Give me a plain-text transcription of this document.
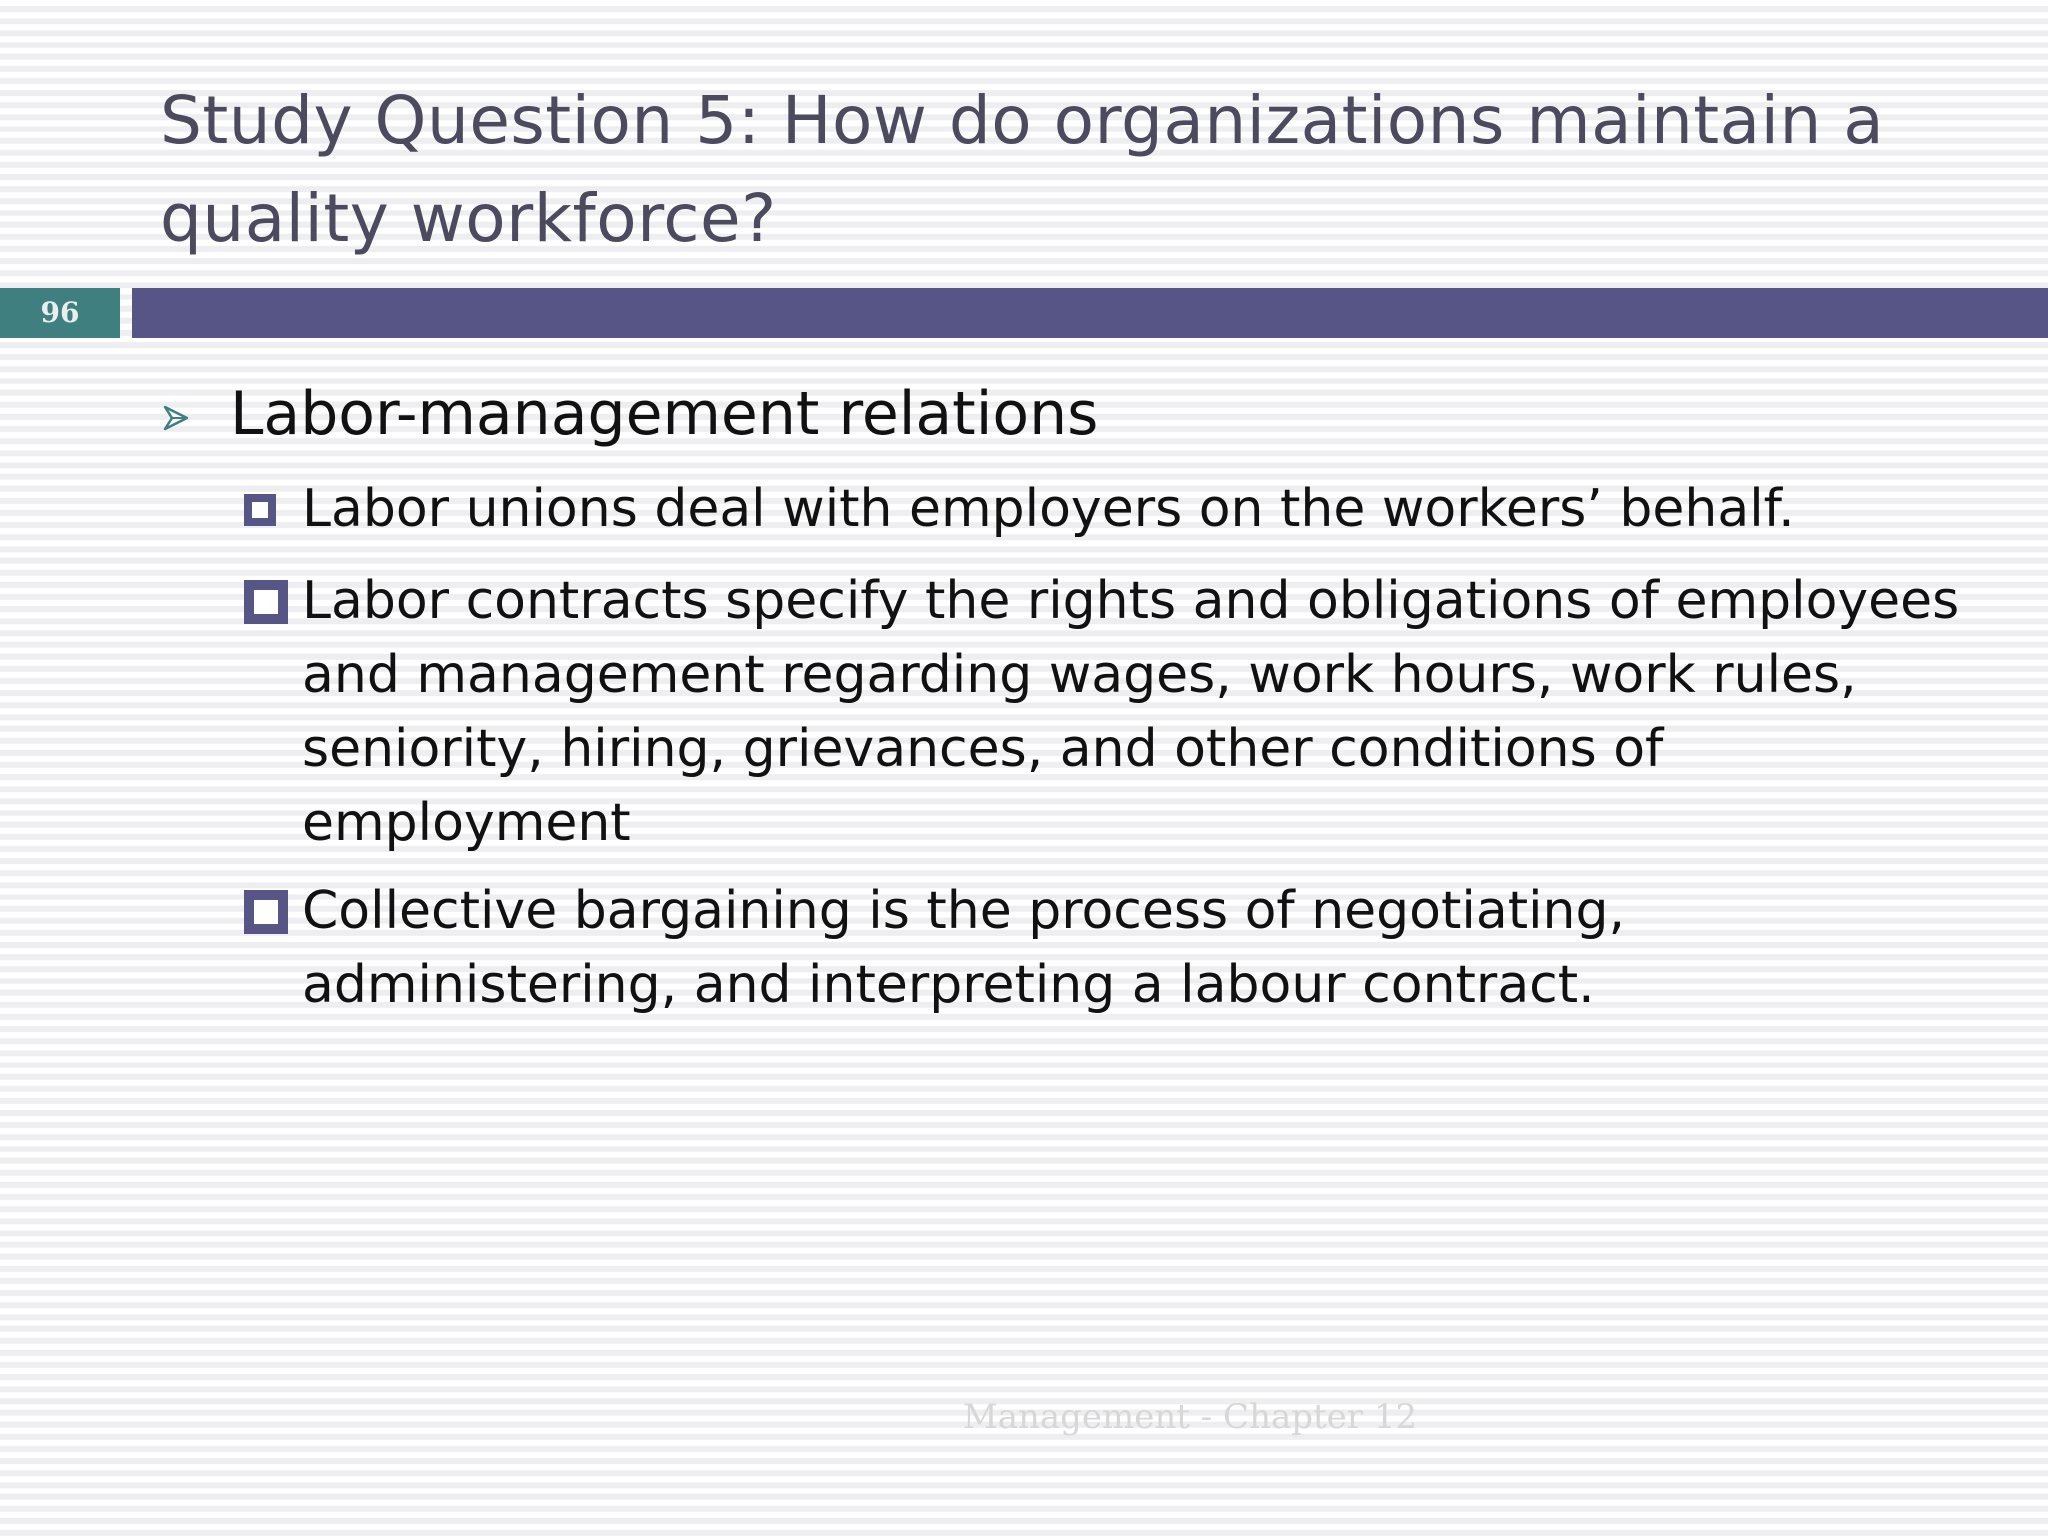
Study Question 5: How do organizations maintain a quality workforce?
96
Labor-management relations
Labor unions deal with employers on the workers’ behalf.
Labor contracts specify the rights and obligations of employees and management regarding wages, work hours, work rules, seniority, hiring, grievances, and other conditions of employment
Collective bargaining is the process of negotiating, administering, and interpreting a labour contract.
Management - Chapter 12
